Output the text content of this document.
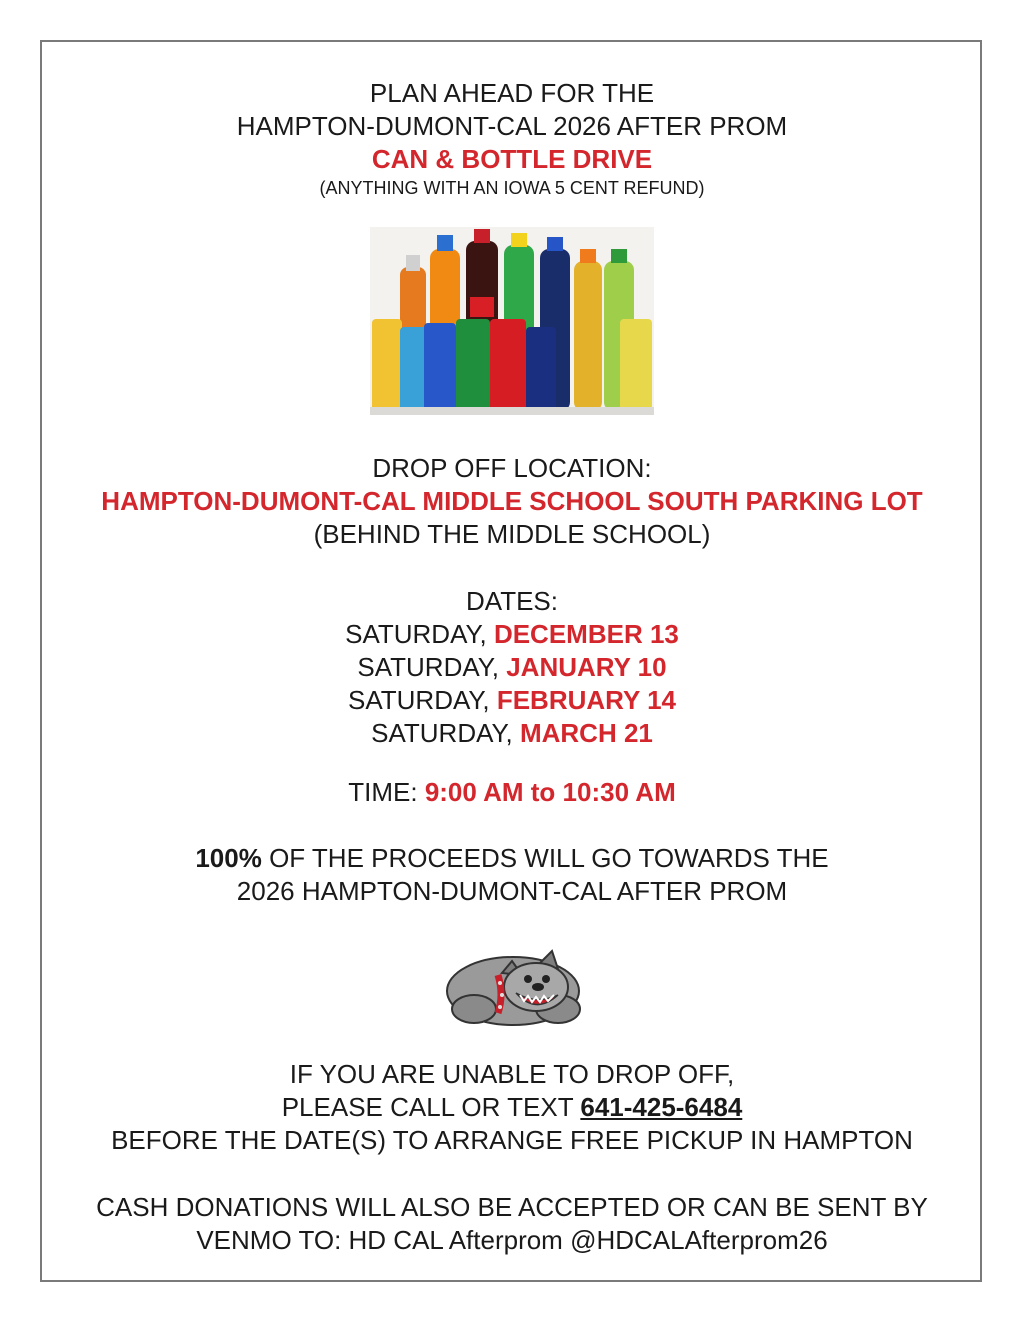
PLAN AHEAD FOR THE
HAMPTON-DUMONT-CAL 2026 AFTER PROM
CAN & BOTTLE DRIVE
(ANYTHING WITH AN IOWA 5 CENT REFUND)
DROP OFF LOCATION:
HAMPTON-DUMONT-CAL MIDDLE SCHOOL SOUTH PARKING LOT
(BEHIND THE MIDDLE SCHOOL)
DATES:
SATURDAY, DECEMBER 13
SATURDAY, JANUARY 10
SATURDAY, FEBRUARY 14
SATURDAY, MARCH 21
TIME: 9:00 AM to 10:30 AM
100% OF THE PROCEEDS WILL GO TOWARDS THE
2026 HAMPTON-DUMONT-CAL AFTER PROM
IF YOU ARE UNABLE TO DROP OFF,
PLEASE CALL OR TEXT 641-425-6484
BEFORE THE DATE(S) TO ARRANGE FREE PICKUP IN HAMPTON
CASH DONATIONS WILL ALSO BE ACCEPTED OR CAN BE SENT BY
VENMO TO: HD CAL Afterprom @HDCALAfterprom26
